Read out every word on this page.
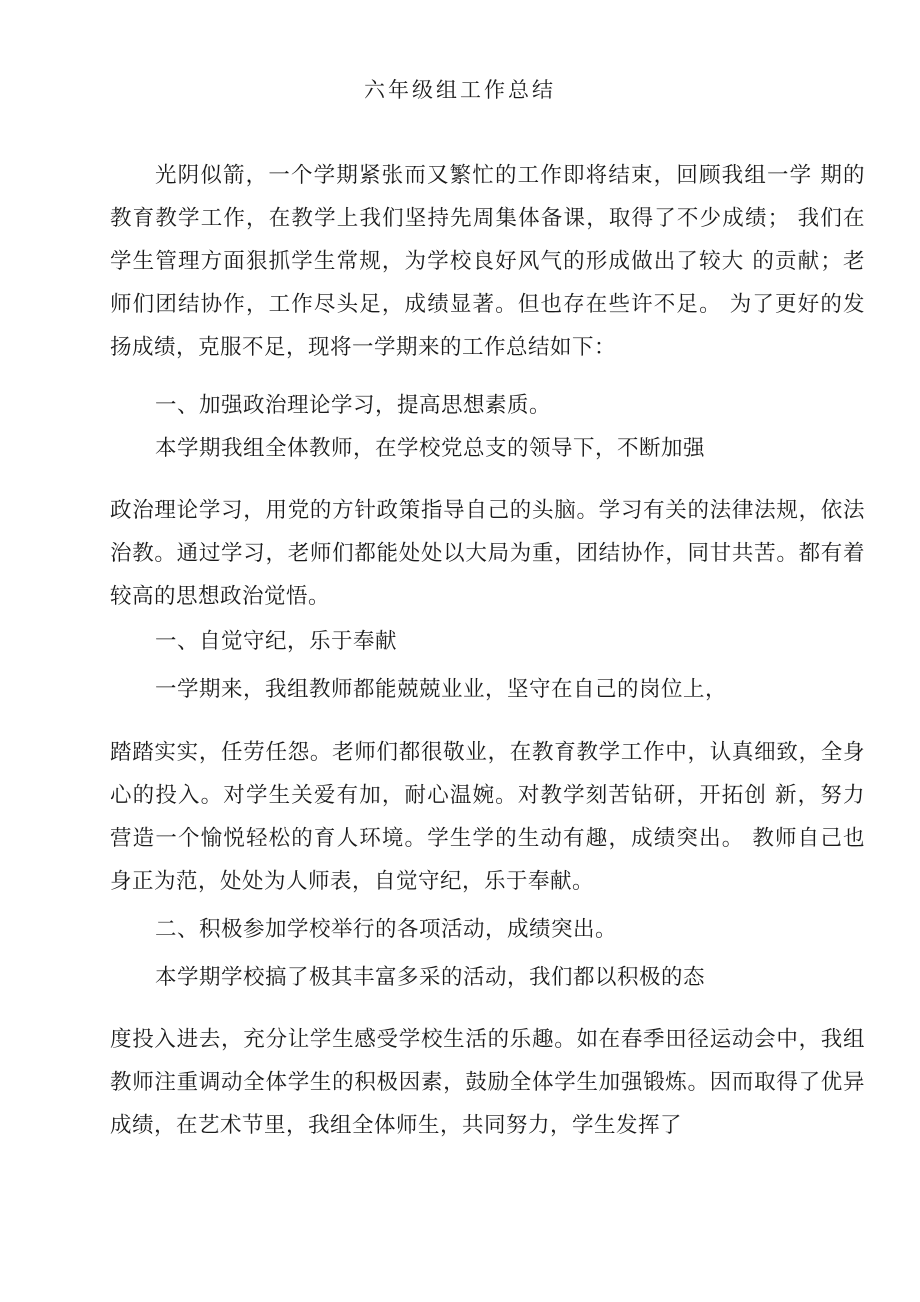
六年级组工作总结

光阴似箭，一个学期紧张而又繁忙的工作即将结束，回顾我组一学 期的教育教学工作，在教学上我们坚持先周集体备课，取得了不少成绩； 我们在学生管理方面狠抓学生常规，为学校良好风气的形成做出了较大 的贡献；老师们团结协作，工作尽头足，成绩显著。但也存在些许不足。 为了更好的发扬成绩，克服不足，现将一学期来的工作总结如下：

一、加强政治理论学习，提高思想素质。

本学期我组全体教师，在学校党总支的领导下，不断加强

政治理论学习，用党的方针政策指导自己的头脑。学习有关的法律法规，依法治教。通过学习，老师们都能处处以大局为重，团结协作，同甘共苦。都有着较高的思想政治觉悟。

一、自觉守纪，乐于奉献

一学期来，我组教师都能兢兢业业，坚守在自己的岗位上，

踏踏实实，任劳任怨。老师们都很敬业，在教育教学工作中，认真细致，全身心的投入。对学生关爱有加，耐心温婉。对教学刻苦钻研，开拓创 新，努力营造一个愉悦轻松的育人环境。学生学的生动有趣，成绩突出。 教师自己也身正为范，处处为人师表，自觉守纪，乐于奉献。

二、积极参加学校举行的各项活动，成绩突出。

本学期学校搞了极其丰富多采的活动，我们都以积极的态

度投入进去，充分让学生感受学校生活的乐趣。如在春季田径运动会中，我组教师注重调动全体学生的积极因素，鼓励全体学生加强锻炼。因而取得了优异成绩，在艺术节里，我组全体师生，共同努力，学生发挥了
